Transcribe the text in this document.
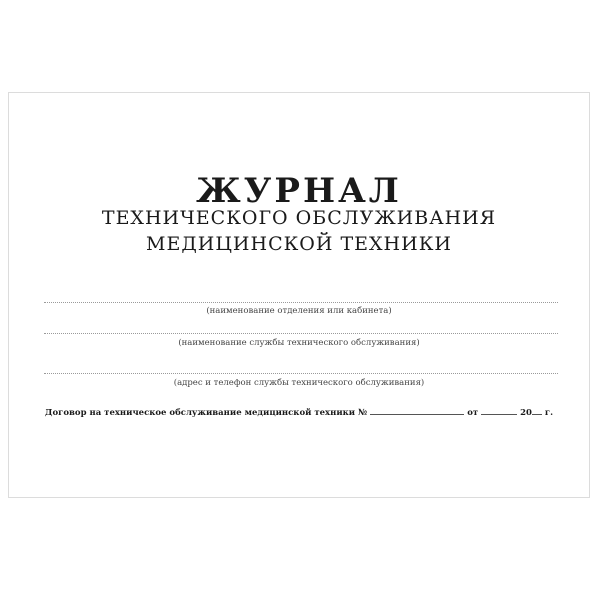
ЖУРНАЛ
ТЕХНИЧЕСКОГО ОБСЛУЖИВАНИЯ
МЕДИЦИНСКОЙ ТЕХНИКИ
(наименование отделения или кабинета)
(наименование службы технического обслуживания)
(адрес и телефон службы технического обслуживания)
Договор на техническое обслуживание медицинской техники №	от	20 г.
